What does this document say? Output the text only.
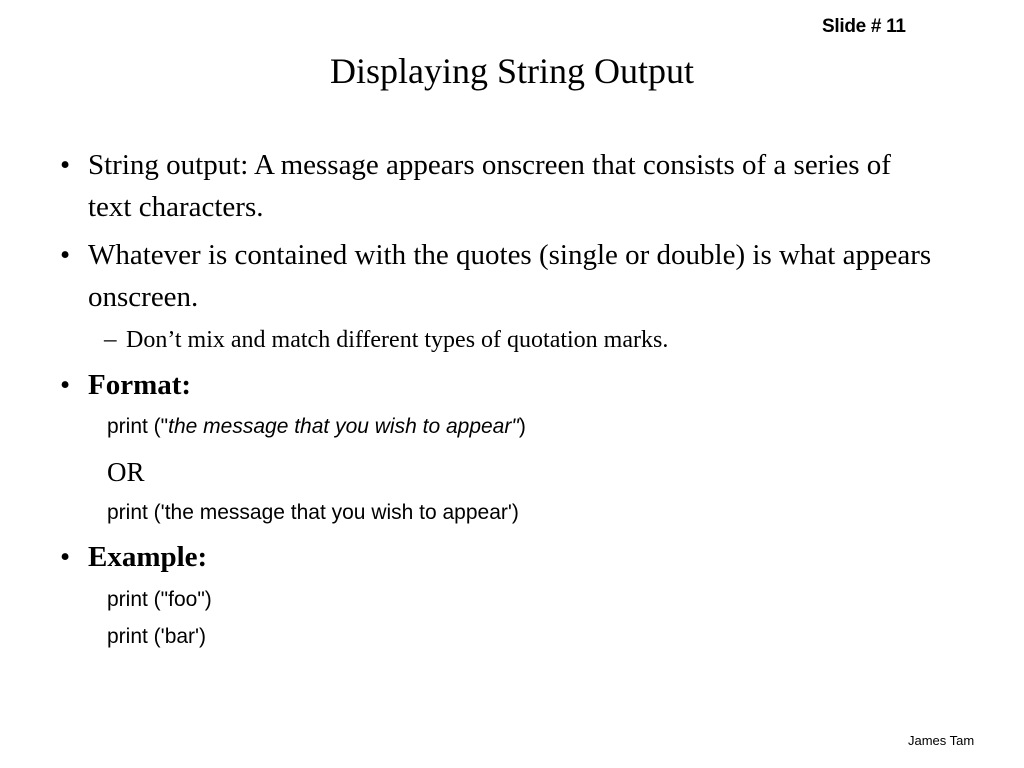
Slide # 11
Displaying String Output
• String output: A message appears onscreen that consists of a series of text characters.
• Whatever is contained with the quotes (single or double) is what appears onscreen.
– Don’t mix and match different types of quotation marks.
• Format:
print ("the message that you wish to appear")
OR
print ('the message that you wish to appear')
• Example:
print ("foo")
print ('bar')
James Tam
